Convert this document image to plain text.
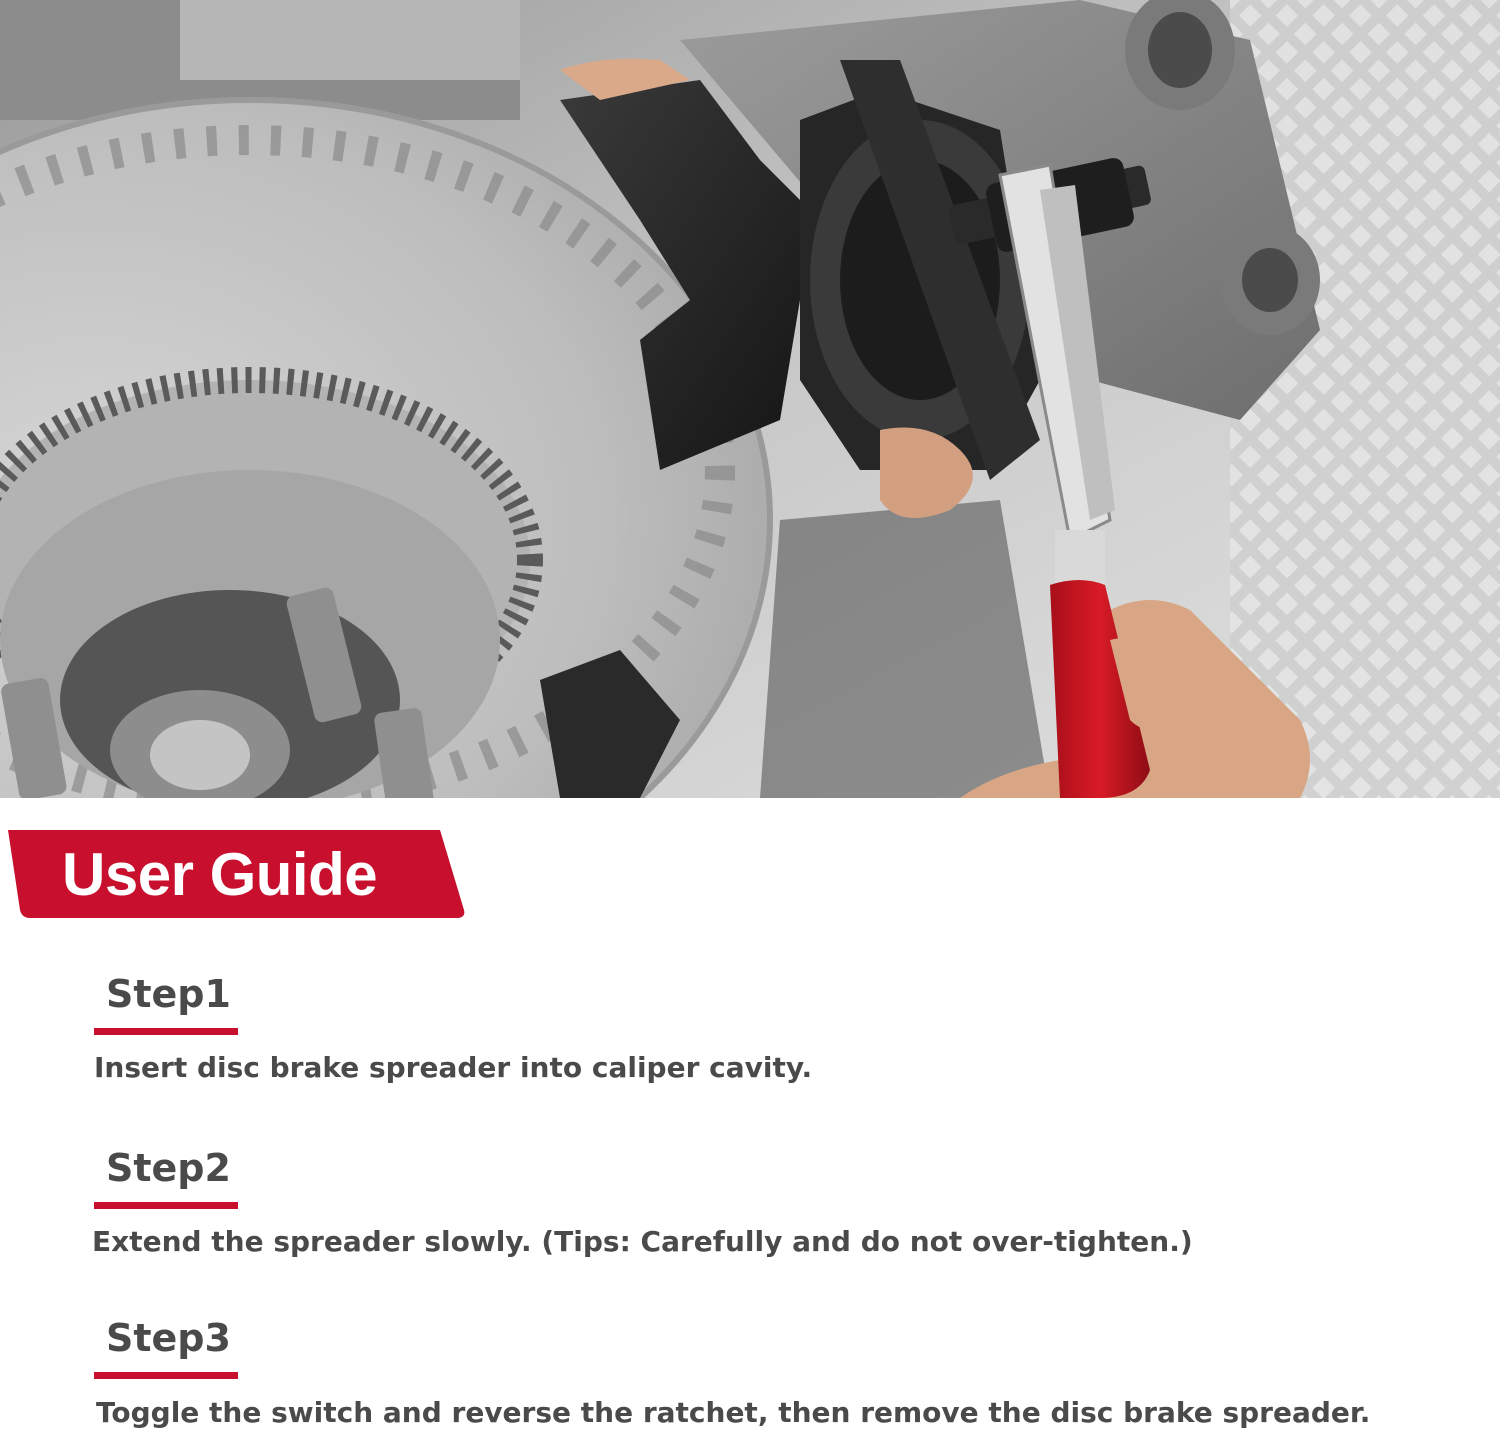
User Guide
Step1
Insert disc brake spreader into caliper cavity.
Step2
Extend the spreader slowly. (Tips: Carefully and do not over-tighten.)
Step3
Toggle the switch and reverse the ratchet, then remove the disc brake spreader.
